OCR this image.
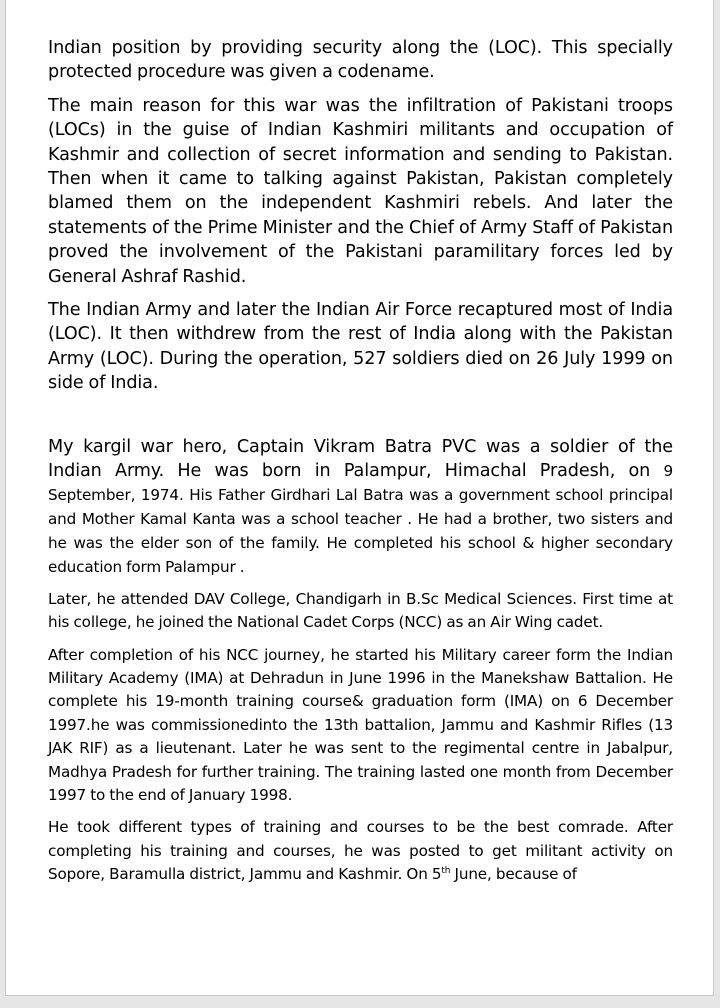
Indian position by providing security along the (LOC). This specially protected procedure was given a codename.

The main reason for this war was the infiltration of Pakistani troops (LOCs) in the guise of Indian Kashmiri militants and occupation of Kashmir and collection of secret information and sending to Pakistan. Then when it came to talking against Pakistan, Pakistan completely blamed them on the independent Kashmiri rebels. And later the statements of the Prime Minister and the Chief of Army Staff of Pakistan proved the involvement of the Pakistani paramilitary forces led by General Ashraf Rashid.

The Indian Army and later the Indian Air Force recaptured most of India (LOC). It then withdrew from the rest of India along with the Pakistan Army (LOC). During the operation, 527 soldiers died on 26 July 1999 on side of India.

My kargil war hero, Captain Vikram Batra PVC was a soldier of the Indian Army. He was born in Palampur, Himachal Pradesh, on 9 September, 1974. His Father Girdhari Lal Batra was a government school principal and Mother Kamal Kanta was a school teacher . He had a brother, two sisters and he was the elder son of the family. He completed his school & higher secondary education form Palampur .

Later, he attended DAV College, Chandigarh in B.Sc Medical Sciences. First time at his college, he joined the National Cadet Corps (NCC) as an Air Wing cadet.

After completion of his NCC journey, he started his Military career form the Indian Military Academy (IMA) at Dehradun in June 1996 in the Manekshaw Battalion. He complete his 19-month training course& graduation form (IMA) on 6 December 1997.he was commissionedinto the 13th battalion, Jammu and Kashmir Rifles (13 JAK RIF) as a lieutenant. Later he was sent to the regimental centre in Jabalpur, Madhya Pradesh for further training. The training lasted one month from December 1997 to the end of January 1998.

He took different types of training and courses to be the best comrade. After completing his training and courses, he was posted to get militant activity on Sopore, Baramulla district, Jammu and Kashmir. On 5th June, because of
